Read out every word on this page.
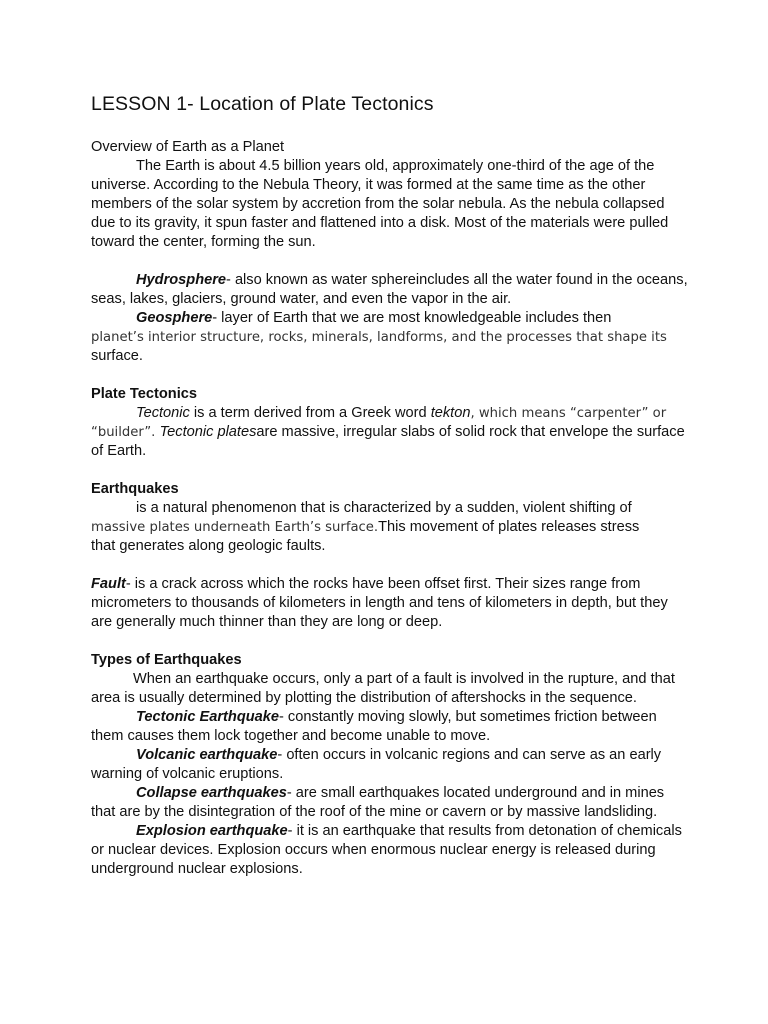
LESSON 1- Location of Plate Tectonics

Overview of Earth as a Planet

The Earth is about 4.5 billion years old, approximately one-third of the age of the universe. According to the Nebula Theory, it was formed at the same time as the other members of the solar system by accretion from the solar nebula. As the nebula collapsed due to its gravity, it spun faster and flattened into a disk. Most of the materials were pulled toward the center, forming the sun.

Hydrosphere- also known as water sphereincludes all the water found in the oceans, seas, lakes, glaciers, ground water, and even the vapor in the air.

Geosphere- layer of Earth that we are most knowledgeable includes then

planet’s interior structure, rocks, minerals, landforms, and the processes that shape its

surface.

Plate Tectonics

Tectonic is a term derived from a Greek word tekton, which means “carpenter” or “builder”. Tectonic platesare massive, irregular slabs of solid rock that envelope the surface of Earth.

Earthquakes

is a natural phenomenon that is characterized by a sudden, violent shifting of

massive plates underneath Earth’s surface.This movement of plates releases stress

that generates along geologic faults.

Fault- is a crack across which the rocks have been offset first. Their sizes range from micrometers to thousands of kilometers in length and tens of kilometers in depth, but they are generally much thinner than they are long or deep.

Types of Earthquakes

When an earthquake occurs, only a part of a fault is involved in the rupture, and that area is usually determined by plotting the distribution of aftershocks in the sequence.

Tectonic Earthquake- constantly moving slowly, but sometimes friction between them causes them lock together and become unable to move.

Volcanic earthquake- often occurs in volcanic regions and can serve as an early warning of volcanic eruptions.

Collapse earthquakes- are small earthquakes located underground and in mines that are by the disintegration of the roof of the mine or cavern or by massive landsliding.

Explosion earthquake- it is an earthquake that results from detonation of chemicals or nuclear devices. Explosion occurs when enormous nuclear energy is released during underground nuclear explosions.
